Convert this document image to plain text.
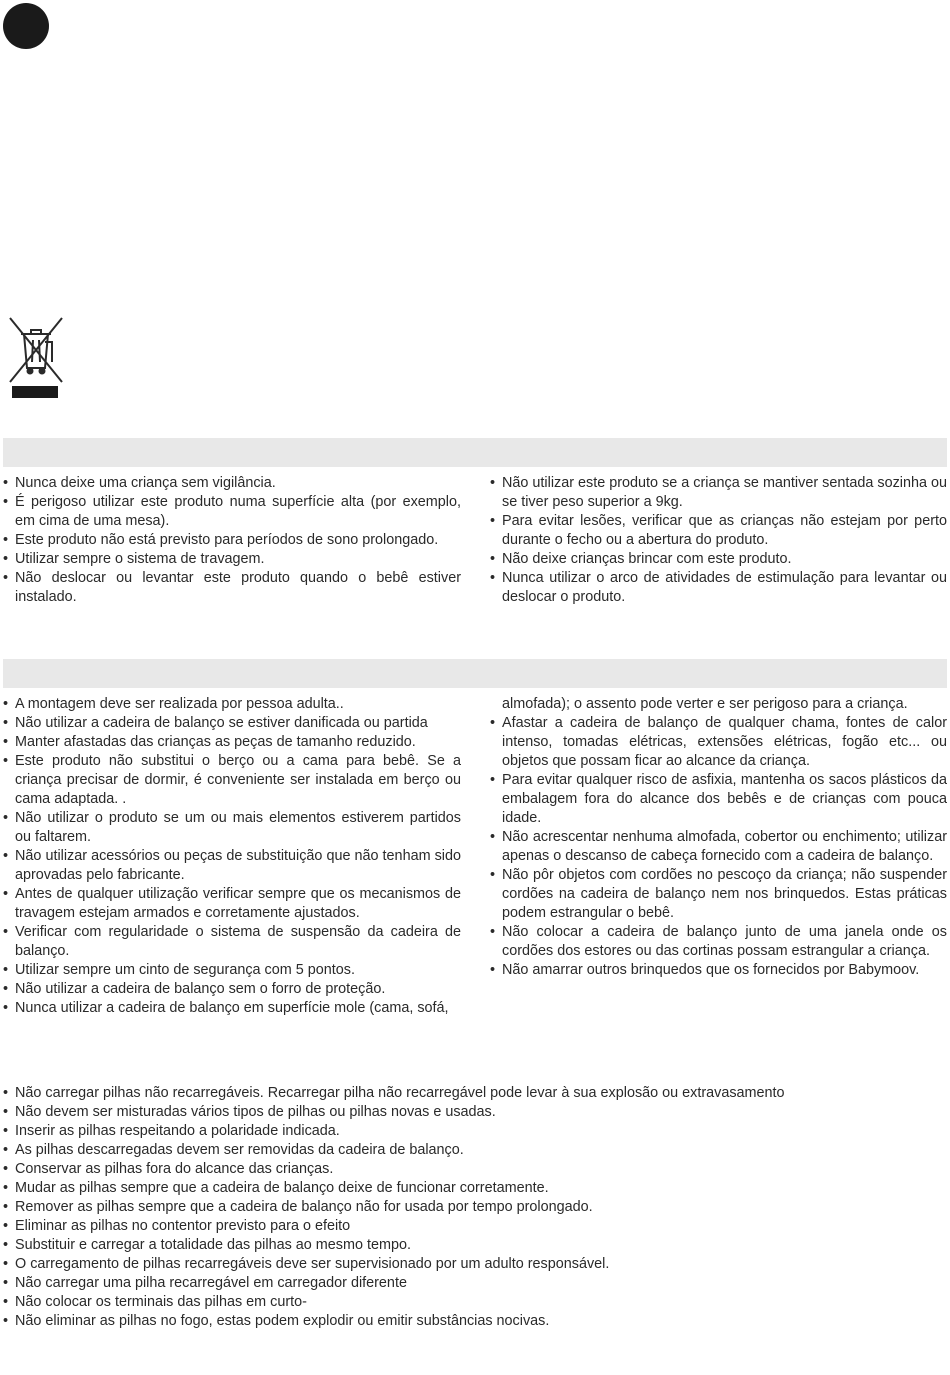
• Nunca deixe uma criança sem vigilância.
• É perigoso utilizar este produto numa superfície alta (por exemplo, em cima de uma mesa).
• Este produto não está previsto para períodos de sono prolongado.
• Utilizar sempre o sistema de travagem.
• Não deslocar ou levantar este produto quando o bebê estiver instalado.
• Não utilizar este produto se a criança se mantiver sentada sozinha ou se tiver peso superior a 9kg.
• Para evitar lesões, verificar que as crianças não estejam por perto durante o fecho ou a abertura do produto.
• Não deixe crianças brincar com este produto.
• Nunca utilizar o arco de atividades de estimulação para levantar ou deslocar o produto.
• A montagem deve ser realizada por pessoa adulta..
• Não utilizar a cadeira de balanço se estiver danificada ou partida
• Manter afastadas das crianças as peças de tamanho reduzido.
• Este produto não substitui o berço ou a cama para bebê. Se a criança precisar de dormir, é conveniente ser instalada em berço ou cama adaptada. .
• Não utilizar o produto se um ou mais elementos estiverem partidos ou faltarem.
• Não utilizar acessórios ou peças de substituição que não tenham sido aprovadas pelo fabricante.
• Antes de qualquer utilização verificar sempre que os mecanismos de travagem estejam armados e corretamente ajustados.
• Verificar com regularidade o sistema de suspensão da cadeira de balanço.
• Utilizar sempre um cinto de segurança com 5 pontos.
• Não utilizar a cadeira de balanço sem o forro de proteção.
• Nunca utilizar a cadeira de balanço em superfície mole (cama, sofá,
almofada); o assento pode verter e ser perigoso para a criança.
• Afastar a cadeira de balanço de qualquer chama, fontes de calor intenso, tomadas elétricas, extensões elétricas, fogão etc... ou objetos que possam ficar ao alcance da criança.
• Para evitar qualquer risco de asfixia, mantenha os sacos plásticos da embalagem fora do alcance dos bebês e de crianças com pouca idade.
• Não acrescentar nenhuma almofada, cobertor ou enchimento; utilizar apenas o descanso de cabeça fornecido com a cadeira de balanço.
• Não pôr objetos com cordões no pescoço da criança; não suspender cordões na cadeira de balanço nem nos brinquedos. Estas práticas podem estrangular o bebê.
• Não colocar a cadeira de balanço junto de uma janela onde os cordões dos estores ou das cortinas possam estrangular a criança.
• Não amarrar outros brinquedos que os fornecidos por Babymoov.
• Não carregar pilhas não recarregáveis. Recarregar pilha não recarregável pode levar à sua explosão ou extravasamento
• Não devem ser misturadas vários tipos de pilhas ou pilhas novas e usadas.
• Inserir as pilhas respeitando a polaridade indicada.
• As pilhas descarregadas devem ser removidas da cadeira de balanço.
• Conservar as pilhas fora do alcance das crianças.
• Mudar as pilhas sempre que a cadeira de balanço deixe de funcionar corretamente.
• Remover as pilhas sempre que a cadeira de balanço não for usada por tempo prolongado.
• Eliminar as pilhas no contentor previsto para o efeito
• Substituir e carregar a totalidade das pilhas ao mesmo tempo.
• O carregamento de pilhas recarregáveis deve ser supervisionado por um adulto responsável.
• Não carregar uma pilha recarregável em carregador diferente
• Não colocar os terminais das pilhas em curto-
• Não eliminar as pilhas no fogo, estas podem explodir ou emitir substâncias nocivas.
